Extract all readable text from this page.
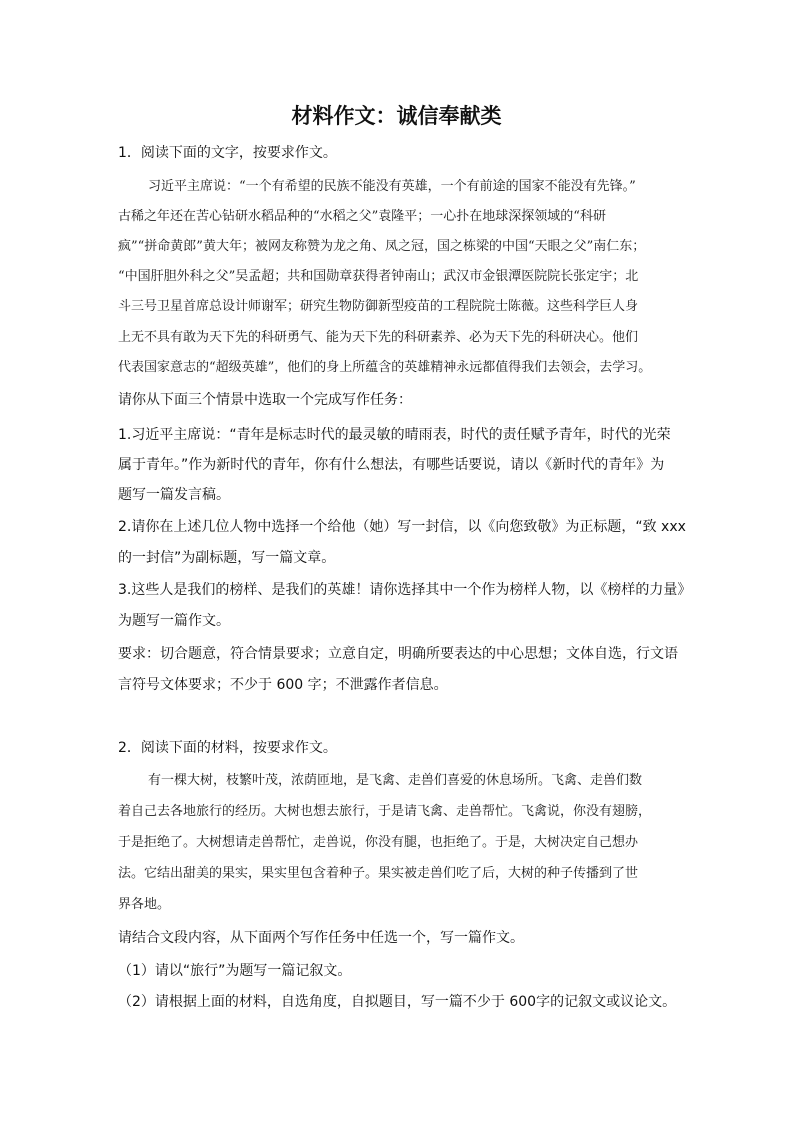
材料作文：诚信奉献类
1．阅读下面的文字，按要求作文。
习近平主席说：“一个有希望的民族不能没有英雄，一个有前途的国家不能没有先锋。”
古稀之年还在苦心钻研水稻品种的“水稻之父”袁隆平；一心扑在地球深探领域的“科研
疯”“拼命黄郎”黄大年；被网友称赞为龙之角、凤之冠，国之栋梁的中国“天眼之父”南仁东；
“中国肝胆外科之父”吴孟超；共和国勋章获得者钟南山；武汉市金银潭医院院长张定宇；北
斗三号卫星首席总设计师谢军；研究生物防御新型疫苗的工程院院士陈薇。这些科学巨人身
上无不具有敢为天下先的科研勇气、能为天下先的科研素养、必为天下先的科研决心。他们
代表国家意志的“超级英雄”，他们的身上所蕴含的英雄精神永远都值得我们去领会，去学习。
请你从下面三个情景中选取一个完成写作任务：
1.习近平主席说：“青年是标志时代的最灵敏的晴雨表，时代的责任赋予青年，时代的光荣
属于青年。”作为新时代的青年，你有什么想法，有哪些话要说，请以《新时代的青年》为
题写一篇发言稿。
2.请你在上述几位人物中选择一个给他（她）写一封信，以《向您致敬》为正标题，“致 xxx
的一封信”为副标题，写一篇文章。
3.这些人是我们的榜样、是我们的英雄！请你选择其中一个作为榜样人物，以《榜样的力量》
为题写一篇作文。
要求：切合题意，符合情景要求；立意自定，明确所要表达的中心思想；文体自选，行文语
言符号文体要求；不少于 600 字；不泄露作者信息。
2．阅读下面的材料，按要求作文。
有一棵大树，枝繁叶茂，浓荫匝地，是飞禽、走兽们喜爱的休息场所。飞禽、走兽们数
着自己去各地旅行的经历。大树也想去旅行，于是请飞禽、走兽帮忙。飞禽说，你没有翅膀，
于是拒绝了。大树想请走兽帮忙，走兽说，你没有腿，也拒绝了。于是，大树决定自己想办
法。它结出甜美的果实，果实里包含着种子。果实被走兽们吃了后，大树的种子传播到了世
界各地。
请结合文段内容，从下面两个写作任务中任选一个，写一篇作文。
（1）请以“旅行”为题写一篇记叙文。
（2）请根据上面的材料，自选角度，自拟题目，写一篇不少于 600字的记叙文或议论文。
